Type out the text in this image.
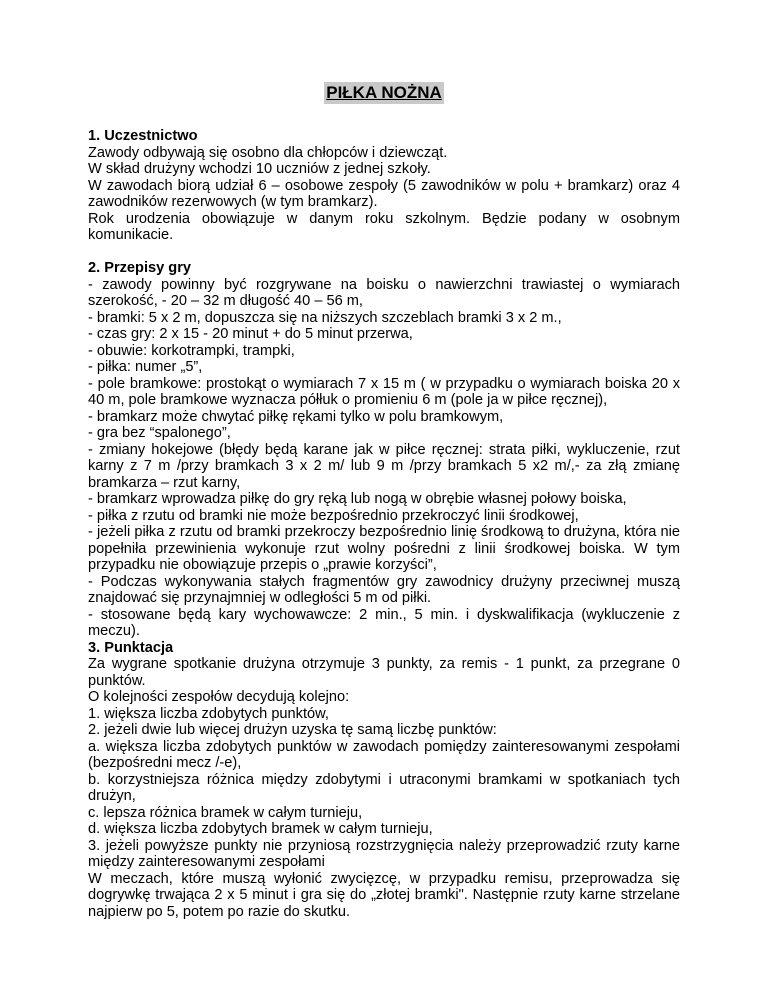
PIŁKA NOŻNA
1. Uczestnictwo
Zawody odbywają się osobno dla chłopców i dziewcząt.
W skład drużyny wchodzi 10 uczniów z jednej szkoły.
W zawodach biorą udział 6 – osobowe zespoły (5 zawodników w polu + bramkarz) oraz 4 zawodników rezerwowych (w tym bramkarz).
Rok urodzenia obowiązuje w danym roku szkolnym. Będzie podany w osobnym komunikacie.
2. Przepisy gry
- zawody powinny być rozgrywane na boisku o nawierzchni trawiastej o wymiarach szerokość, - 20 – 32 m długość 40 – 56 m,
- bramki: 5 x 2 m, dopuszcza się na niższych szczeblach bramki 3 x 2 m.,
- czas gry: 2 x 15 - 20 minut + do 5 minut przerwa,
- obuwie: korkotrampki, trampki,
- piłka: numer „5”,
- pole bramkowe: prostokąt o wymiarach 7 x 15 m ( w przypadku o wymiarach boiska 20 x 40 m, pole bramkowe wyznacza półłuk o promieniu 6 m (pole ja w piłce ręcznej),
- bramkarz może chwytać piłkę rękami tylko w polu bramkowym,
- gra bez “spalonego”,
- zmiany hokejowe (błędy będą karane jak w piłce ręcznej: strata piłki, wykluczenie, rzut karny z 7 m /przy bramkach 3 x 2 m/ lub 9 m /przy bramkach 5 x2 m/,- za złą zmianę bramkarza – rzut karny,
- bramkarz wprowadza piłkę do gry ręką lub nogą w obrębie własnej połowy boiska,
- piłka z rzutu od bramki nie może bezpośrednio przekroczyć linii środkowej,
- jeżeli piłka z rzutu od bramki przekroczy bezpośrednio linię środkową to drużyna, która nie popełniła przewinienia wykonuje rzut wolny pośredni z linii środkowej boiska. W tym przypadku nie obowiązuje przepis o „prawie korzyści”,
- Podczas wykonywania stałych fragmentów gry zawodnicy drużyny przeciwnej muszą znajdować się przynajmniej w odległości 5 m od piłki.
- stosowane będą kary wychowawcze: 2 min., 5 min. i dyskwalifikacja (wykluczenie z meczu).
3. Punktacja
Za wygrane spotkanie drużyna otrzymuje 3 punkty, za remis - 1 punkt, za przegrane 0 punktów.
O kolejności zespołów decydują kolejno:
1. większa liczba zdobytych punktów,
2. jeżeli dwie lub więcej drużyn uzyska tę samą liczbę punktów:
a. większa liczba zdobytych punktów w zawodach pomiędzy zainteresowanymi zespołami (bezpośredni mecz /-e),
b. korzystniejsza różnica między zdobytymi i utraconymi bramkami w spotkaniach tych drużyn,
c. lepsza różnica bramek w całym turnieju,
d. większa liczba zdobytych bramek w całym turnieju,
3. jeżeli powyższe punkty nie przyniosą rozstrzygnięcia należy przeprowadzić rzuty karne między zainteresowanymi zespołami
W meczach, które muszą wyłonić zwycięzcę, w przypadku remisu, przeprowadza się dogrywkę trwająca 2 x 5 minut i gra się do „złotej bramki". Następnie rzuty karne strzelane najpierw po 5, potem po razie do skutku.
